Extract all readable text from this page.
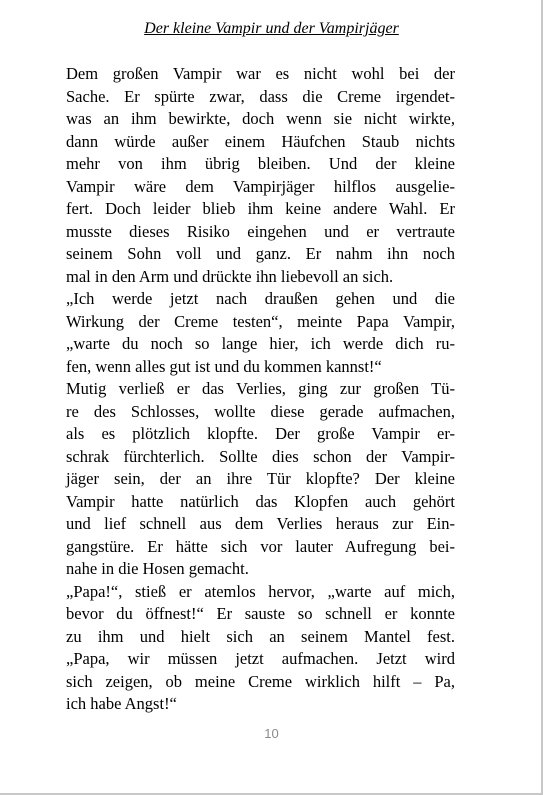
Der kleine Vampir und der Vampirjäger
Dem großen Vampir war es nicht wohl bei der
Sache. Er spürte zwar, dass die Creme irgendet-
was an ihm bewirkte, doch wenn sie nicht wirkte,
dann würde außer einem Häufchen Staub nichts
mehr von ihm übrig bleiben. Und der kleine
Vampir wäre dem Vampirjäger hilflos ausgelie-
fert. Doch leider blieb ihm keine andere Wahl. Er
musste dieses Risiko eingehen und er vertraute
seinem Sohn voll und ganz. Er nahm ihn noch
mal in den Arm und drückte ihn liebevoll an sich.
„Ich werde jetzt nach draußen gehen und die
Wirkung der Creme testen“, meinte Papa Vampir,
„warte du noch so lange hier, ich werde dich ru-
fen, wenn alles gut ist und du kommen kannst!“
Mutig verließ er das Verlies, ging zur großen Tü-
re des Schlosses, wollte diese gerade aufmachen,
als es plötzlich klopfte. Der große Vampir er-
schrak fürchterlich. Sollte dies schon der Vampir-
jäger sein, der an ihre Tür klopfte? Der kleine
Vampir hatte natürlich das Klopfen auch gehört
und lief schnell aus dem Verlies heraus zur Ein-
gangstüre. Er hätte sich vor lauter Aufregung bei-
nahe in die Hosen gemacht.
„Papa!“, stieß er atemlos hervor, „warte auf mich,
bevor du öffnest!“ Er sauste so schnell er konnte
zu ihm und hielt sich an seinem Mantel fest.
„Papa, wir müssen jetzt aufmachen. Jetzt wird
sich zeigen, ob meine Creme wirklich hilft – Pa,
ich habe Angst!“
10
